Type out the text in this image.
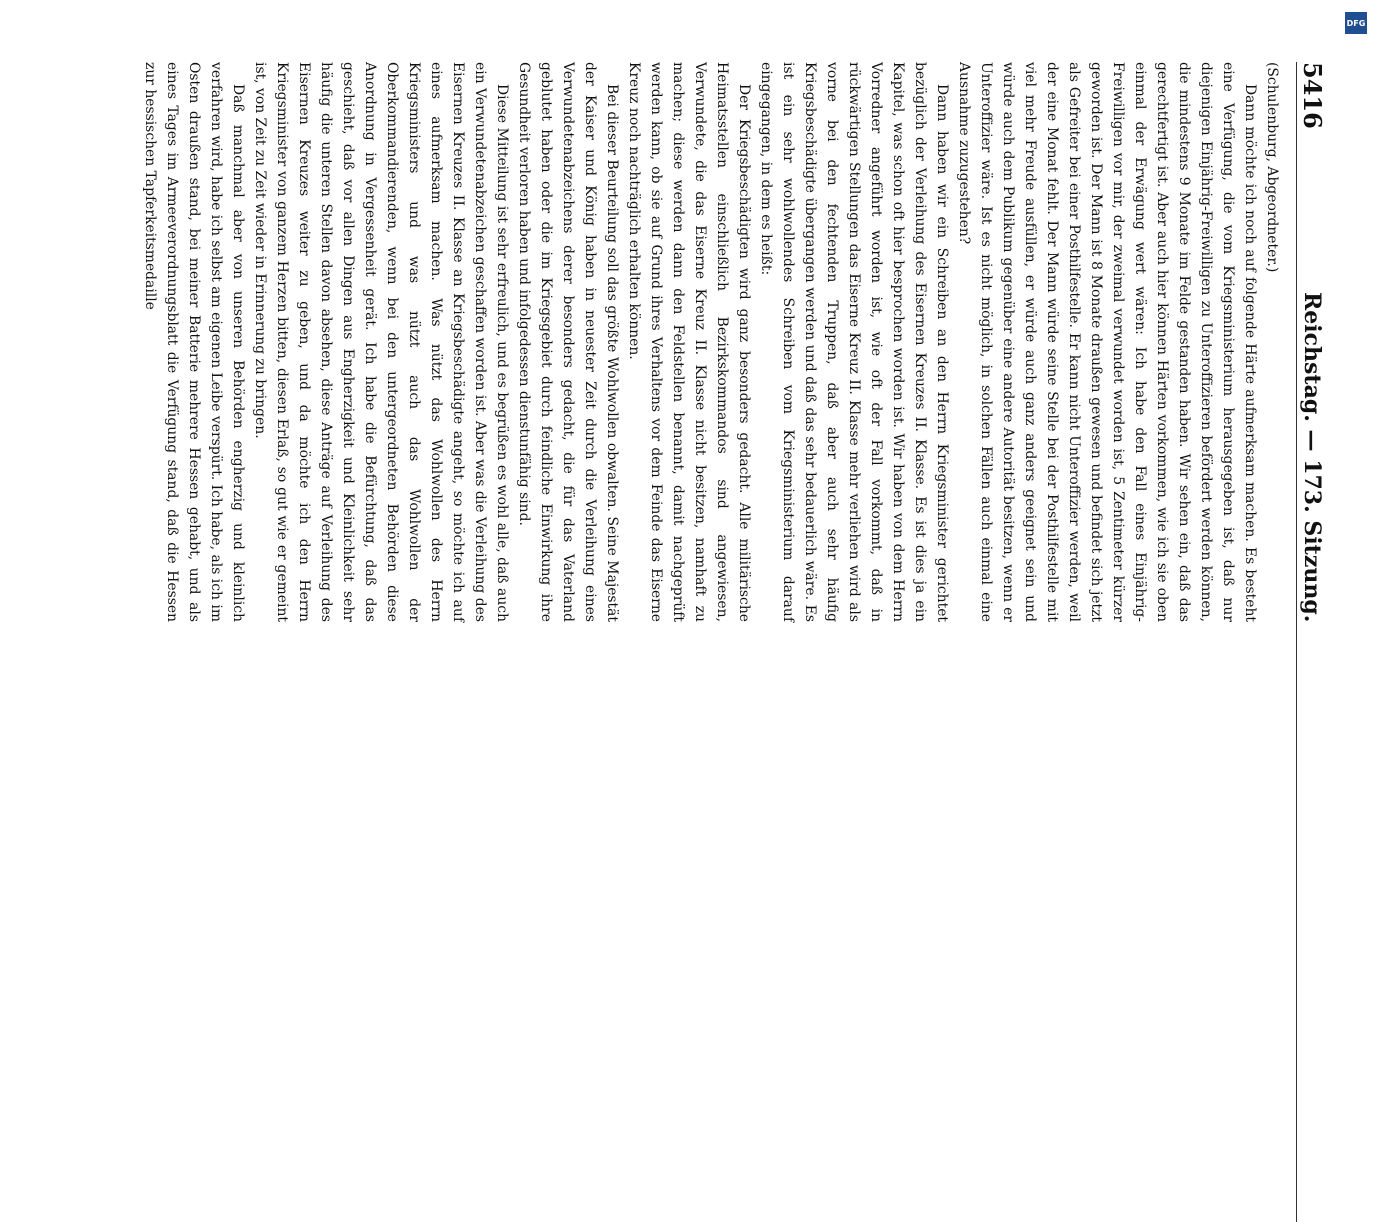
5416
Reichstag. — 173. Sitzung.

(Schulenburg, Abgeordneter.)

Dann möchte ich noch auf folgende Härte aufmerksam machen. Es besteht eine Verfügung, die vom Kriegsministerium herausgegeben ist, daß nur diejenigen Einjährig-Freiwilligen zu Unteroffizieren befördert werden können, die mindestens 9 Monate im Felde gestanden haben. Wir sehen ein, daß das gerechtfertigt ist. Aber auch hier können Härten vorkommen, wie ich sie oben einmal der Erwägung wert wären: Ich habe den Fall eines Einjährig-Freiwilligen vor mir, der zweimal verwundet worden ist, 5 Zentimeter kürzer geworden ist. Der Mann ist 8 Monate draußen gewesen und befindet sich jetzt als Gefreiter bei einer Posthilfestelle. Er kann nicht Unteroffizier werden, weil der eine Monat fehlt. Der Mann würde seine Stelle bei der Posthilfestelle mit viel mehr Freude ausfüllen, er würde auch ganz anders geeignet sein und würde auch dem Publikum gegenüber eine andere Autorität besitzen, wenn er Unteroffizier wäre. Ist es nicht möglich, in solchen Fällen auch einmal eine Ausnahme zuzugestehen?

Dann haben wir ein Schreiben an den Herrn Kriegsminister gerichtet bezüglich der Verleihung des Eisernen Kreuzes II. Klasse. Es ist dies ja ein Kapitel, was schon oft hier besprochen worden ist. Wir haben von dem Herrn Vorredner angeführt worden ist, wie oft der Fall vorkommt, daß in rückwärtigen Stellungen das Eiserne Kreuz II. Klasse mehr verliehen wird als vorne bei den fechtenden Truppen, daß aber auch sehr häufig Kriegsbeschädigte übergangen werden und daß das sehr bedauerlich wäre. Es ist ein sehr wohlwollendes Schreiben vom Kriegsministerium darauf eingegangen, in dem es heißt:

Der Kriegsbeschädigten wird ganz besonders gedacht. Alle militärische Heimatsstellen einschließlich Bezirkskommandos sind angewiesen, Verwundete, die das Eiserne Kreuz II. Klasse nicht besitzen, namhaft zu machen; diese werden dann den Feldstellen benannt, damit nachgeprüft werden kann, ob sie auf Grund ihres Verhaltens vor dem Feinde das Eiserne Kreuz noch nachträglich erhalten können.

Bei dieser Beurteilung soll das größte Wohlwollen obwalten. Seine Majestät der Kaiser und König haben in neuester Zeit durch die Verleihung eines Verwundetenabzeichens derer besonders gedacht, die für das Vaterland geblutet haben oder die im Kriegsgebiet durch feindliche Einwirkung ihre Gesundheit verloren haben und infolgedessen dienstunfähig sind.

Diese Mitteilung ist sehr erfreulich, und es begrüßen es wohl alle, daß auch ein Verwundetenabzeichen geschaffen worden ist. Aber was die Verleihung des Eisernen Kreuzes II. Klasse an Kriegsbeschädigte angeht, so möchte ich auf eines aufmerksam machen. Was nützt das Wohlwollen des Herrn Kriegsministers und was nützt auch das Wohlwollen der Oberkommandierenden, wenn bei den untergeordneten Behörden diese Anordnung in Vergessenheit gerät. Ich habe die Befürchtung, daß das geschieht, daß vor allen Dingen aus Engherzigkeit und Kleinlichkeit sehr häufig die unteren Stellen davon absehen, diese Anträge auf Verleihung des Eisernen Kreuzes weiter zu geben, und da möchte ich den Herrn Kriegsminister von ganzem Herzen bitten, diesen Erlaß, so gut wie er gemeint ist, von Zeit zu Zeit wieder in Erinnerung zu bringen.

Daß manchmal aber von unseren Behörden engherzig und kleinlich verfahren wird, habe ich selbst am eigenen Leibe verspürt. Ich habe, als ich im Osten draußen stand, bei meiner Batterie mehrere Hessen gehabt, und als eines Tages im Armeeverordnungsblatt die Verfügung stand, daß die Hessen zur hessischen Tapferkeitsmedaille

DFG
